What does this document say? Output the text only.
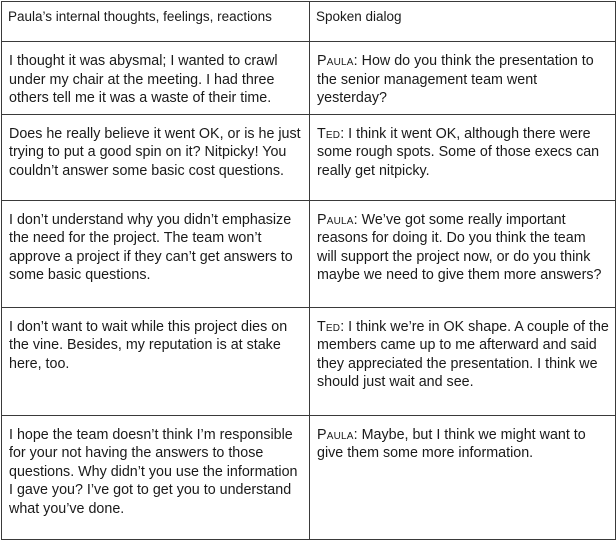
Paula’s internal thoughts, feelings, reactions	Spoken dialog
I thought it was abysmal; I wanted to crawl under my chair at the meeting. I had three others tell me it was a waste of their time.	Paula: How do you think the presentation to the senior management team went yesterday?
Does he really believe it went OK, or is he just trying to put a good spin on it? Nitpicky! You couldn’t answer some basic cost questions.	Ted: I think it went OK, although there were some rough spots. Some of those execs can really get nitpicky.
I don’t understand why you didn’t emphasize the need for the project. The team won’t approve a project if they can’t get answers to some basic questions.	Paula: We’ve got some really important reasons for doing it. Do you think the team will support the project now, or do you think maybe we need to give them more answers?
I don’t want to wait while this project dies on the vine. Besides, my reputation is at stake here, too.	Ted: I think we’re in OK shape. A couple of the members came up to me afterward and said they appreciated the presentation. I think we should just wait and see.
I hope the team doesn’t think I’m responsible for your not having the answers to those questions. Why didn’t you use the information I gave you? I’ve got to get you to understand what you’ve done.	Paula: Maybe, but I think we might want to give them some more information.
